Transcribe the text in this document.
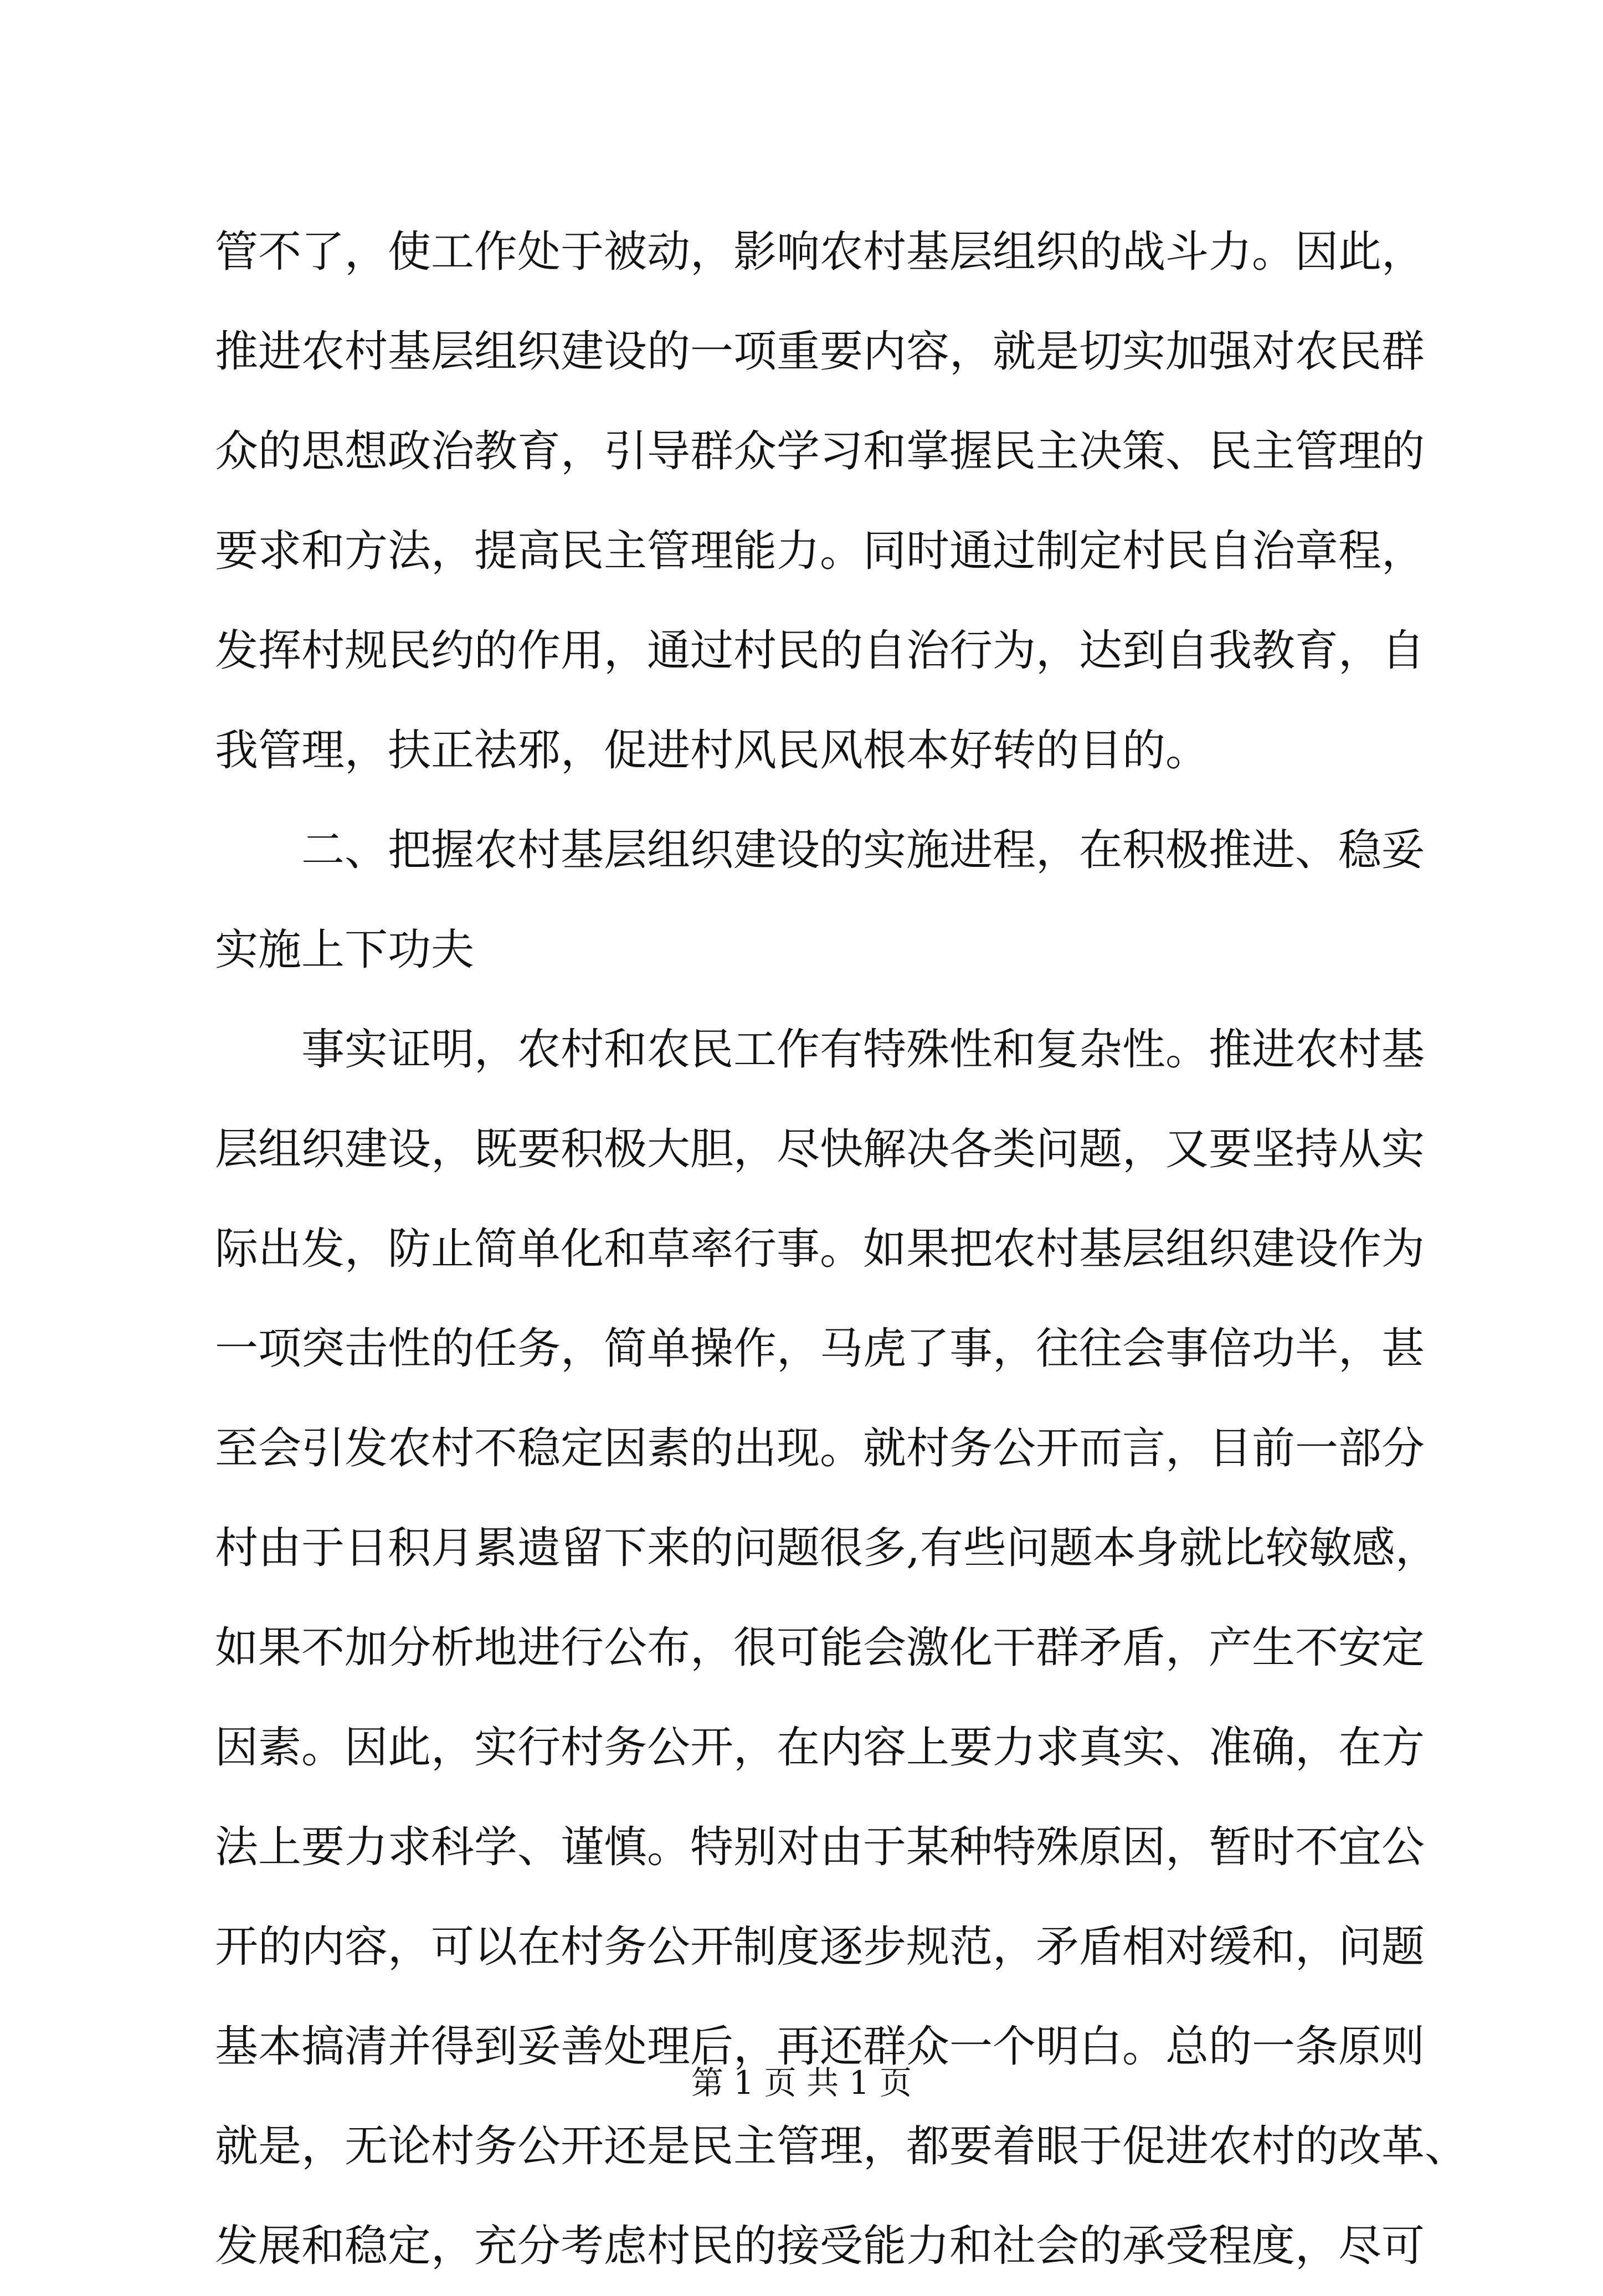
管不了，使工作处于被动，影响农村基层组织的战斗力。因此，
推进农村基层组织建设的一项重要内容，就是切实加强对农民群
众的思想政治教育，引导群众学习和掌握民主决策、民主管理的
要求和方法，提高民主管理能力。同时通过制定村民自治章程，
发挥村规民约的作用，通过村民的自治行为，达到自我教育，自
我管理，扶正祛邪，促进村风民风根本好转的目的。
二、把握农村基层组织建设的实施进程，在积极推进、稳妥
实施上下功夫
事实证明，农村和农民工作有特殊性和复杂性。推进农村基
层组织建设，既要积极大胆，尽快解决各类问题，又要坚持从实
际出发，防止简单化和草率行事。如果把农村基层组织建设作为
一项突击性的任务，简单操作，马虎了事，往往会事倍功半，甚
至会引发农村不稳定因素的出现。就村务公开而言，目前一部分
村由于日积月累遗留下来的问题很多,有些问题本身就比较敏感，
如果不加分析地进行公布，很可能会激化干群矛盾，产生不安定
因素。因此，实行村务公开，在内容上要力求真实、准确，在方
法上要力求科学、谨慎。特别对由于某种特殊原因，暂时不宜公
开的内容，可以在村务公开制度逐步规范，矛盾相对缓和，问题
基本搞清并得到妥善处理后，再还群众一个明白。总的一条原则
就是，无论村务公开还是民主管理，都要着眼于促进农村的改革、
发展和稳定，充分考虑村民的接受能力和社会的承受程度，尽可
第 1 页 共 1 页
